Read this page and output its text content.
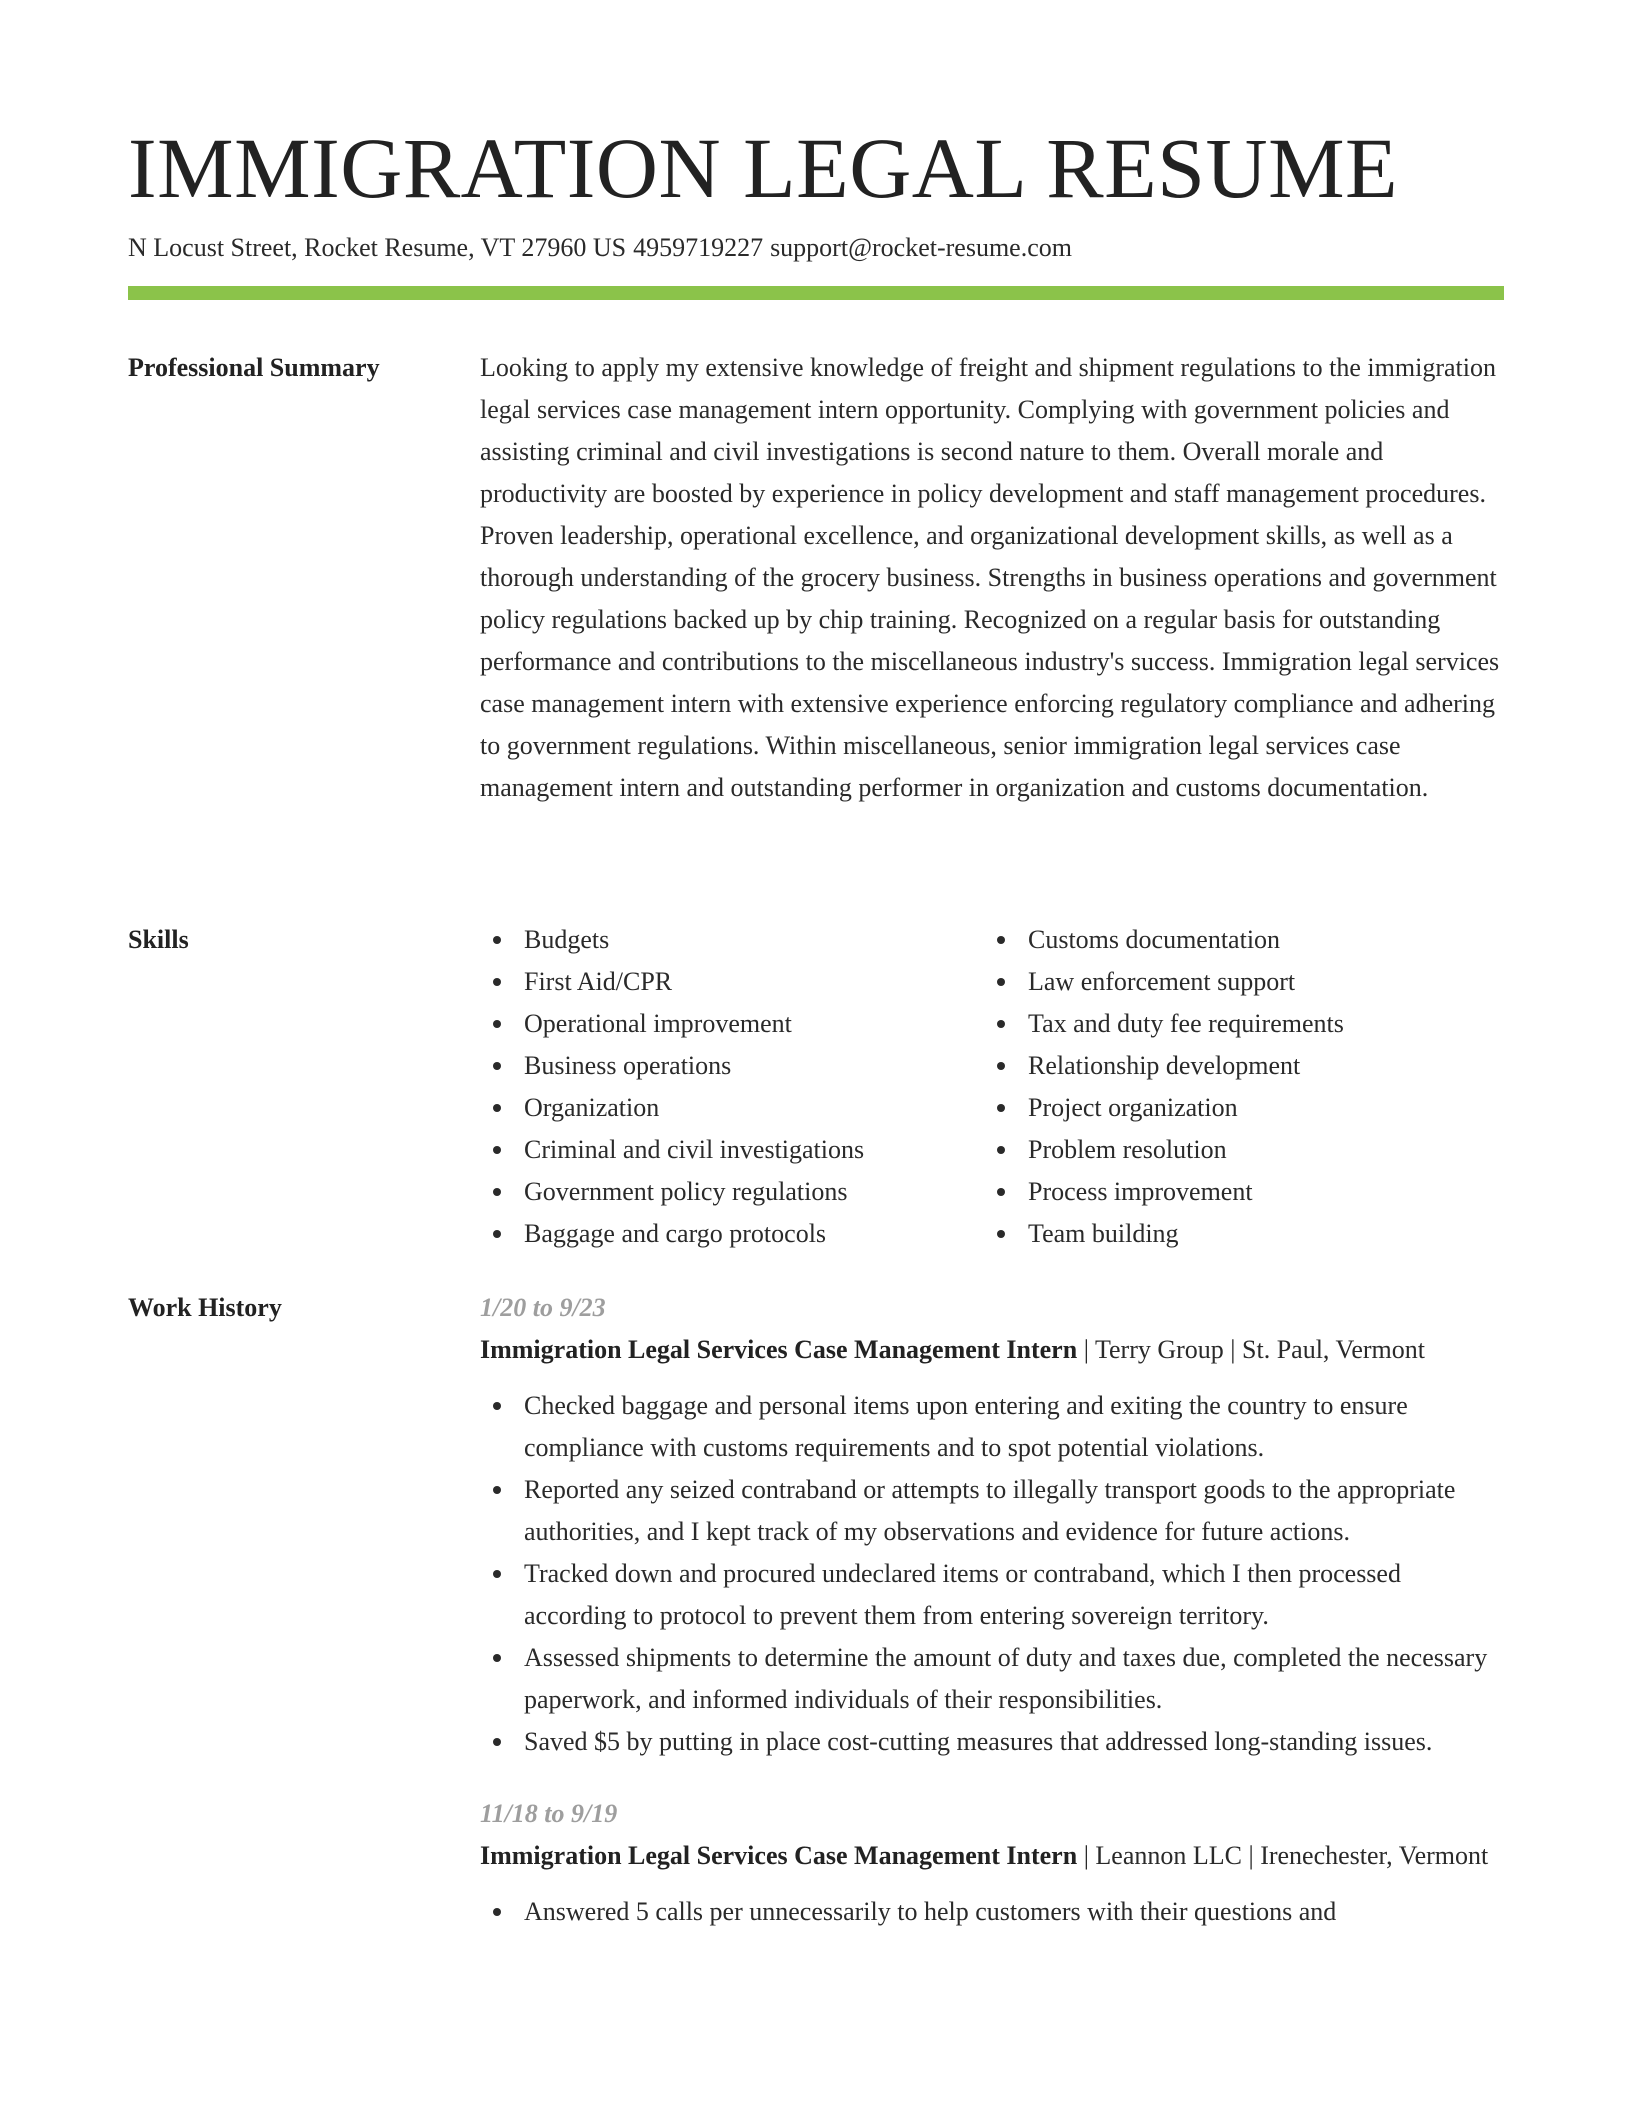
IMMIGRATION LEGAL RESUME
N Locust Street, Rocket Resume, VT 27960 US 4959719227 support@rocket-resume.com
Professional Summary	Looking to apply my extensive knowledge of freight and shipment regulations to the immigration legal services case management intern opportunity. Complying with government policies and assisting criminal and civil investigations is second nature to them. Overall morale and productivity are boosted by experience in policy development and staff management procedures. Proven leadership, operational excellence, and organizational development skills, as well as a thorough understanding of the grocery business. Strengths in business operations and government policy regulations backed up by chip training. Recognized on a regular basis for outstanding performance and contributions to the miscellaneous industry's success. Immigration legal services case management intern with extensive experience enforcing regulatory compliance and adhering to government regulations. Within miscellaneous, senior immigration legal services case management intern and outstanding performer in organization and customs documentation.

Skills	Budgets
First Aid/CPR
Operational improvement
Business operations
Organization
Criminal and civil investigations
Government policy regulations
Baggage and cargo protocols
Customs documentation
Law enforcement support
Tax and duty fee requirements
Relationship development
Project organization
Problem resolution
Process improvement
Team building
Work History	1/20 to 9/23
Immigration Legal Services Case Management Intern | Terry Group | St. Paul, Vermont
Checked baggage and personal items upon entering and exiting the country to ensure compliance with customs requirements and to spot potential violations.
Reported any seized contraband or attempts to illegally transport goods to the appropriate authorities, and I kept track of my observations and evidence for future actions.
Tracked down and procured undeclared items or contraband, which I then processed according to protocol to prevent them from entering sovereign territory.
Assessed shipments to determine the amount of duty and taxes due, completed the necessary paperwork, and informed individuals of their responsibilities.
Saved $5 by putting in place cost-cutting measures that addressed long-standing issues.
11/18 to 9/19
Immigration Legal Services Case Management Intern | Leannon LLC | Irenechester, Vermont
Answered 5 calls per unnecessarily to help customers with their questions and
